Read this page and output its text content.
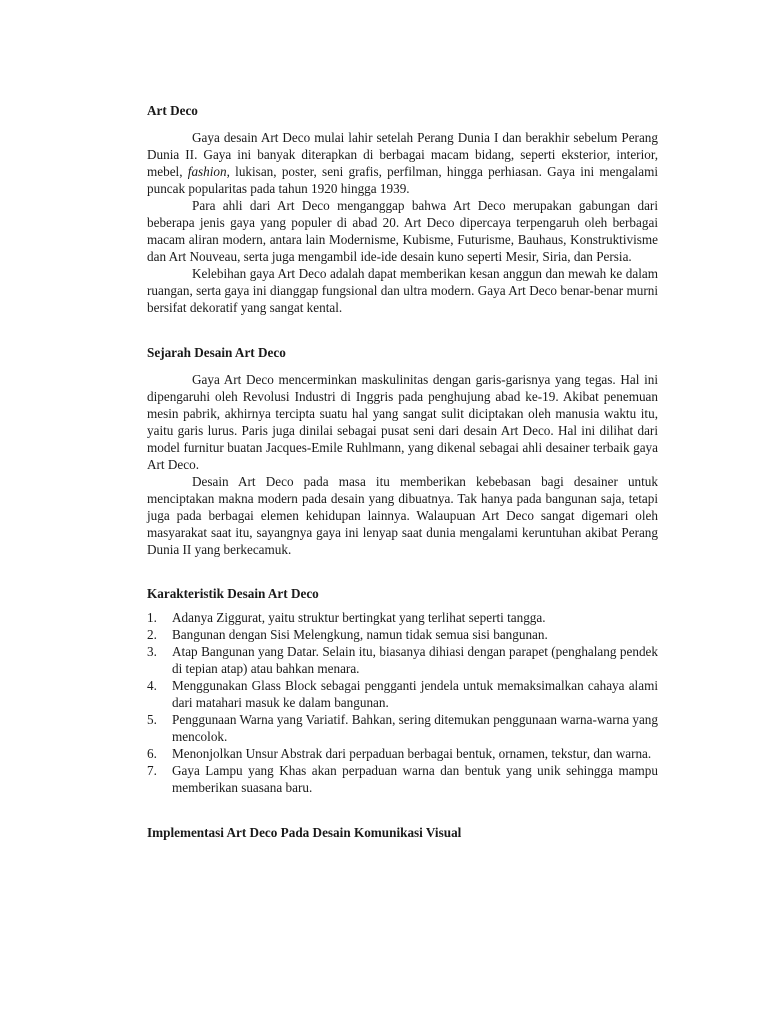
Art Deco

Gaya desain Art Deco mulai lahir setelah Perang Dunia I dan berakhir sebelum Perang Dunia II. Gaya ini banyak diterapkan di berbagai macam bidang, seperti eksterior, interior, mebel, fashion, lukisan, poster, seni grafis, perfilman, hingga perhiasan. Gaya ini mengalami puncak popularitas pada tahun 1920 hingga 1939.

Para ahli dari Art Deco menganggap bahwa Art Deco merupakan gabungan dari beberapa jenis gaya yang populer di abad 20. Art Deco dipercaya terpengaruh oleh berbagai macam aliran modern, antara lain Modernisme, Kubisme, Futurisme, Bauhaus, Konstruktivisme dan Art Nouveau, serta juga mengambil ide-ide desain kuno seperti Mesir, Siria, dan Persia.

Kelebihan gaya Art Deco adalah dapat memberikan kesan anggun dan mewah ke dalam ruangan, serta gaya ini dianggap fungsional dan ultra modern. Gaya Art Deco benar-benar murni bersifat dekoratif yang sangat kental.

Sejarah Desain Art Deco

Gaya Art Deco mencerminkan maskulinitas dengan garis-garisnya yang tegas. Hal ini dipengaruhi oleh Revolusi Industri di Inggris pada penghujung abad ke-19. Akibat penemuan mesin pabrik, akhirnya tercipta suatu hal yang sangat sulit diciptakan oleh manusia waktu itu, yaitu garis lurus. Paris juga dinilai sebagai pusat seni dari desain Art Deco. Hal ini dilihat dari model furnitur buatan Jacques-Emile Ruhlmann, yang dikenal sebagai ahli desainer terbaik gaya Art Deco.

Desain Art Deco pada masa itu memberikan kebebasan bagi desainer untuk menciptakan makna modern pada desain yang dibuatnya. Tak hanya pada bangunan saja, tetapi juga pada berbagai elemen kehidupan lainnya. Walaupuan Art Deco sangat digemari oleh masyarakat saat itu, sayangnya gaya ini lenyap saat dunia mengalami keruntuhan akibat Perang Dunia II yang berkecamuk.

Karakteristik Desain Art Deco
1.	Adanya Ziggurat, yaitu struktur bertingkat yang terlihat seperti tangga.
2.	Bangunan dengan Sisi Melengkung, namun tidak semua sisi bangunan.
3.	Atap Bangunan yang Datar. Selain itu, biasanya dihiasi dengan parapet (penghalang pendek di tepian atap) atau bahkan menara.
4.	Menggunakan Glass Block sebagai pengganti jendela untuk memaksimalkan cahaya alami dari matahari masuk ke dalam bangunan.
5.	Penggunaan Warna yang Variatif. Bahkan, sering ditemukan penggunaan warna-warna yang mencolok.
6.	Menonjolkan Unsur Abstrak dari perpaduan berbagai bentuk, ornamen, tekstur, dan warna.
7.	Gaya Lampu yang Khas akan perpaduan warna dan bentuk yang unik sehingga mampu memberikan suasana baru.
Implementasi Art Deco Pada Desain Komunikasi Visual
